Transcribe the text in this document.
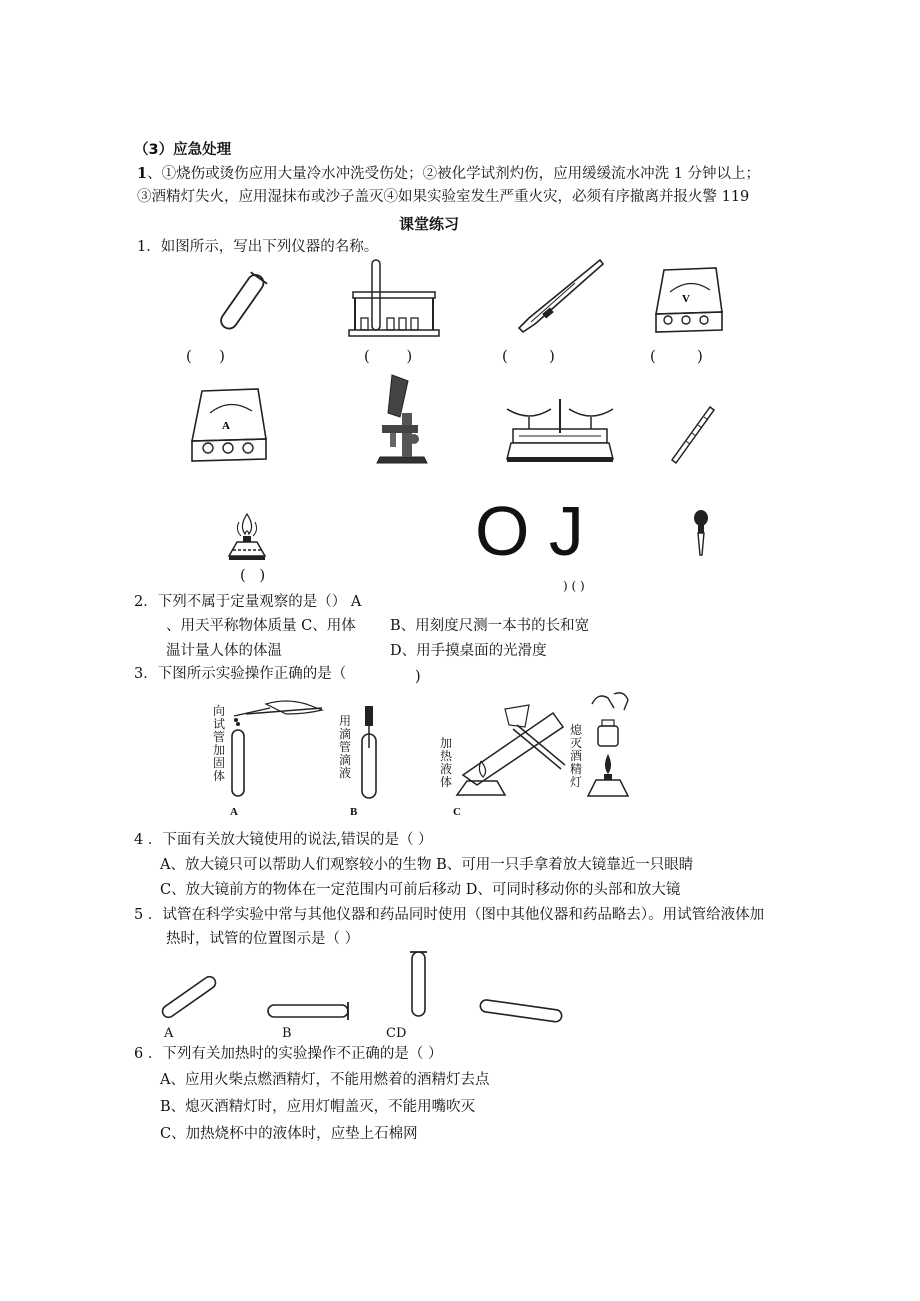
（3）应急处理
1、①烧伤或烫伤应用大量冷水冲洗受伤处；②被化学试剂灼伤，应用缓缓流水冲洗 1 分钟以上；
③酒精灯失火，应用湿抹布或沙子盖灭④如果实验室发生严重火灾，必须有序撤离并报火警 119
课堂练习
1．如图所示，写出下列仪器的名称。
V
(      )	(        )	(         )	(         )
A
(   )
O J
) ( )
2．下列不属于定量观察的是（） A
、用天平称物体质量 C、用体 B、用刻度尺测一本书的长和宽
温计量人体的体温	D、用手摸桌面的光滑度
3．下图所示实验操作正确的是（	)
向试管加固体
用滴管滴液
加热液体
熄灭酒精灯
A	B	C
4 ．下面有关放大镜使用的说法,错误的是（ ）
A、放大镜只可以帮助人们观察较小的生物 B、可用一只手拿着放大镜靠近一只眼睛
C、放大镜前方的物体在一定范围内可前后移动 D、可同时移动你的头部和放大镜
5 ．试管在科学实验中常与其他仪器和药品同时使用（图中其他仪器和药品略去）。用试管给液体加
热时，试管的位置图示是（ ）
A	B	CD
6 ．下列有关加热时的实验操作不正确的是（ ）
A、应用火柴点燃酒精灯，不能用燃着的酒精灯去点
B、熄灭酒精灯时，应用灯帽盖灭，不能用嘴吹灭
C、加热烧杯中的液体时，应垫上石棉网
